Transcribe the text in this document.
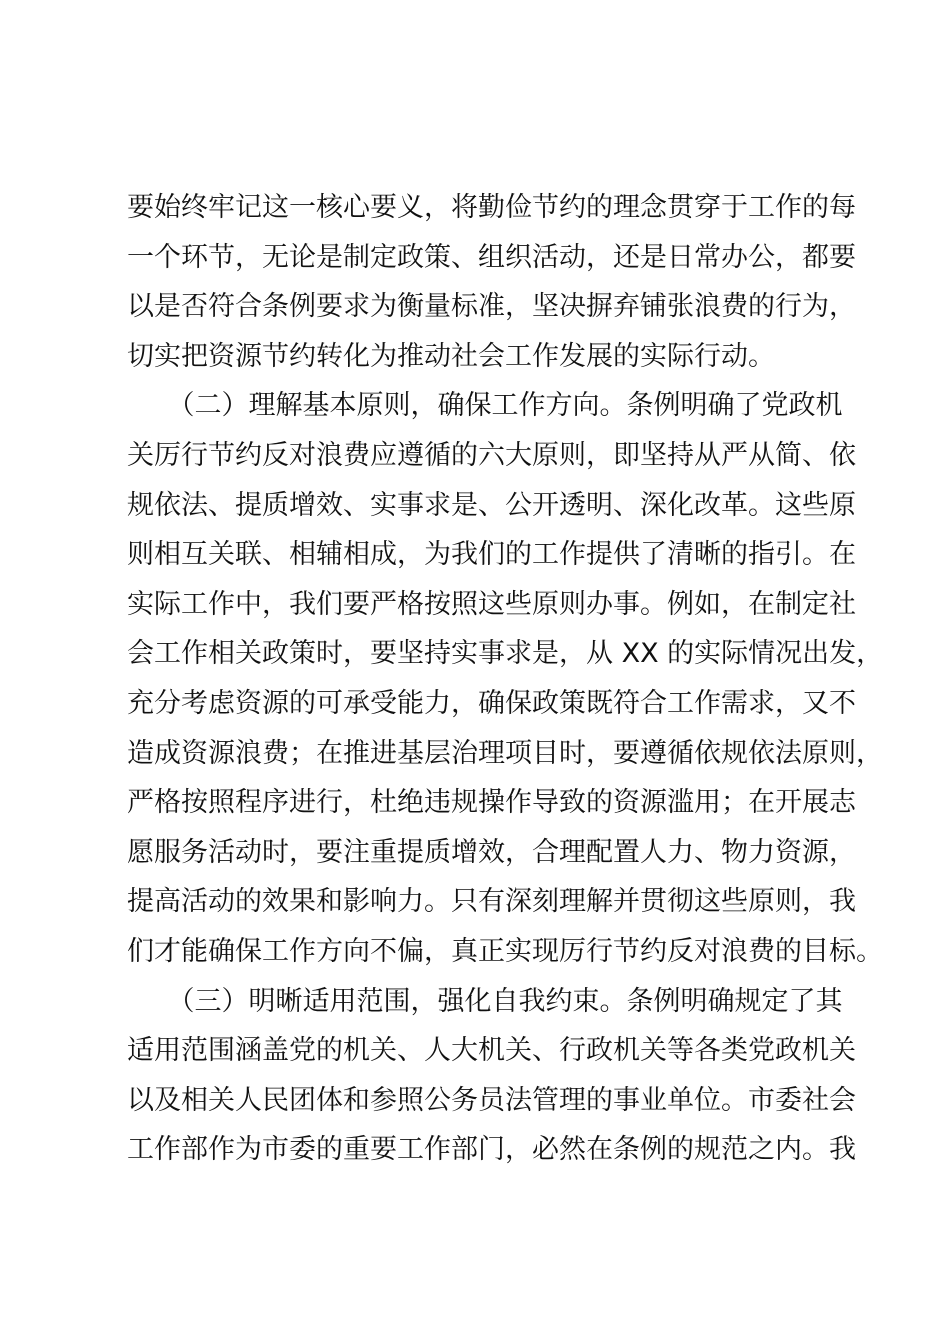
要始终牢记这一核心要义，将勤俭节约的理念贯穿于工作的每
一个环节，无论是制定政策、组织活动，还是日常办公，都要
以是否符合条例要求为衡量标准，坚决摒弃铺张浪费的行为，
切实把资源节约转化为推动社会工作发展的实际行动。
　　（二）理解基本原则，确保工作方向。条例明确了党政机
关厉行节约反对浪费应遵循的六大原则，即坚持从严从简、依
规依法、提质增效、实事求是、公开透明、深化改革。这些原
则相互关联、相辅相成，为我们的工作提供了清晰的指引。在
实际工作中，我们要严格按照这些原则办事。例如，在制定社
会工作相关政策时，要坚持实事求是，从 XX 的实际情况出发，
充分考虑资源的可承受能力，确保政策既符合工作需求，又不
造成资源浪费；在推进基层治理项目时，要遵循依规依法原则，
严格按照程序进行，杜绝违规操作导致的资源滥用；在开展志
愿服务活动时，要注重提质增效，合理配置人力、物力资源，
提高活动的效果和影响力。只有深刻理解并贯彻这些原则，我
们才能确保工作方向不偏，真正实现厉行节约反对浪费的目标。
　　（三）明晰适用范围，强化自我约束。条例明确规定了其
适用范围涵盖党的机关、人大机关、行政机关等各类党政机关
以及相关人民团体和参照公务员法管理的事业单位。市委社会
工作部作为市委的重要工作部门，必然在条例的规范之内。我
